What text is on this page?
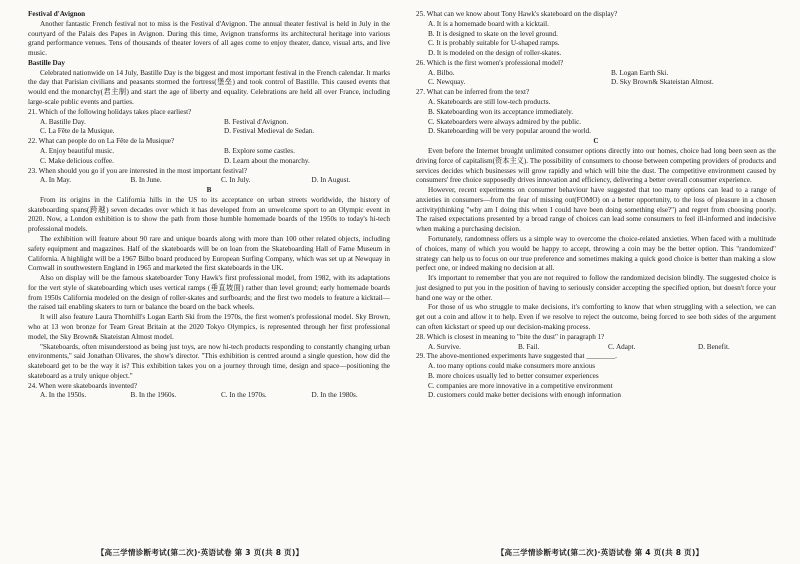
Festival d'Avignon

Another fantastic French festival not to miss is the Festival d'Avignon. The annual theater festival is held in July in the courtyard of the Palais des Papes in Avignon. During this time, Avignon transforms its architectural heritage into various grand performance venues. Tens of thousands of theater lovers of all ages come to enjoy theater, dance, visual arts, and live music.

Bastille Day

Celebrated nationwide on 14 July, Bastille Day is the biggest and most important festival in the French calendar. It marks the day that Parisian civilians and peasants stormed the fortress(堡垒) and took control of Bastille. This caused events that would end the monarchy(君主制) and start the age of liberty and equality. Celebrations are held all over France, including large-scale public events and parties.

21. Which of the following holidays takes place earliest?
A. Bastille Day.	B. Festival d'Avignon.
C. La Fête de la Musique.	D. Festival Medieval de Sedan.
22. What can people do on La Fête de la Musique?
A. Enjoy beautiful music.	B. Explore some castles.
C. Make delicious coffee.	D. Learn about the monarchy.
23. When should you go if you are interested in the most important festival?
A. In May.	B. In June.	C. In July.	D. In August.
B

From its origins in the California hills in the US to its acceptance on urban streets worldwide, the history of skateboarding spans(跨越) seven decades over which it has developed from an unwelcome sport to an Olympic event in 2020. Now, a London exhibition is to show the path from those humble homemade boards of the 1950s to today's hi-tech professional models.

The exhibition will feature about 90 rare and unique boards along with more than 100 other related objects, including safety equipment and magazines. Half of the skateboards will be on loan from the Skateboarding Hall of Fame Museum in California. A highlight will be a 1967 Bilbo board produced by European Surfing Company, which was set up at Newquay in Cornwall in southwestern England in 1965 and marketed the first skateboards in the UK.

Also on display will be the famous skateboarder Tony Hawk's first professional model, from 1982, with its adaptations for the vert style of skateboarding which uses vertical ramps (垂直坡面) rather than level ground; early homemade boards from 1950s California modeled on the design of roller-skates and surfboards; and the first two models to feature a kicktail—the raised tail enabling skaters to turn or balance the board on the back wheels.

It will also feature Laura Thornhill's Logan Earth Ski from the 1970s, the first women's professional model. Sky Brown, who at 13 won bronze for Team Great Britain at the 2020 Tokyo Olympics, is represented through her first professional model, the Sky Brown& Skateistan Almost model.

"Skateboards, often misunderstood as being just toys, are now hi-tech products responding to constantly changing urban environments," said Jonathan Olivares, the show's director. "This exhibition is centred around a single question, how did the skateboard get to be the way it is? This exhibition takes you on a journey through time, design and space—positioning the skateboard as a truly unique object."

24. When were skateboards invented?
A. In the 1950s.	B. In the 1960s.	C. In the 1970s.	D. In the 1980s.
【高三学情诊断考试(第二次)·英语试卷 第 3 页(共 8 页)】
25. What can we know about Tony Hawk's skateboard on the display?
A. It is a homemade board with a kicktail.
B. It is designed to skate on the level ground.
C. It is probably suitable for U-shaped ramps.
D. It is modeled on the design of roller-skates.
26. Which is the first women's professional model?
A. Bilbo.	B. Logan Earth Ski.
C. Newquay.	D. Sky Brown& Skateistan Almost.
27. What can be inferred from the text?
A. Skateboards are still low-tech products.
B. Skateboarding won its acceptance immediately.
C. Skateboarders were always admired by the public.
D. Skateboarding will be very popular around the world.
C

Even before the Internet brought unlimited consumer options directly into our homes, choice had long been seen as the driving force of capitalism(资本主义). The possibility of consumers to choose between competing providers of products and services decides which businesses will grow rapidly and which will bite the dust. The competitive environment caused by consumers' free choice supposedly drives innovation and efficiency, delivering a better overall consumer experience.

However, recent experiments on consumer behaviour have suggested that too many options can lead to a range of anxieties in consumers—from the fear of missing out(FOMO) on a better opportunity, to the loss of pleasure in a chosen activity(thinking "why am I doing this when I could have been doing something else?") and regret from choosing poorly. The raised expectations presented by a broad range of choices can lead some consumers to feel ill-informed and indecisive when making a purchasing decision.

Fortunately, randomness offers us a simple way to overcome the choice-related anxieties. When faced with a multitude of choices, many of which you would be happy to accept, throwing a coin may be the better option. This "randomized" strategy can help us to focus on our true preference and sometimes making a quick good choice is better than making a slow perfect one, or indeed making no decision at all.

It's important to remember that you are not required to follow the randomized decision blindly. The suggested choice is just designed to put you in the position of having to seriously consider accepting the specified option, but doesn't force your hand one way or the other.

For those of us who struggle to make decisions, it's comforting to know that when struggling with a selection, we can get out a coin and allow it to help. Even if we resolve to reject the outcome, being forced to see both sides of the argument can often kickstart or speed up our decision-making process.

28. Which is closest in meaning to "bite the dust" in paragraph 1?
A. Survive.	B. Fail.	C. Adapt.	D. Benefit.
29. The above-mentioned experiments have suggested that ________.
A. too many options could make consumers more anxious
B. more choices usually led to better consumer experiences
C. companies are more innovative in a competitive environment
D. customers could make better decisions with enough information
【高三学情诊断考试(第二次)·英语试卷 第 4 页(共 8 页)】
